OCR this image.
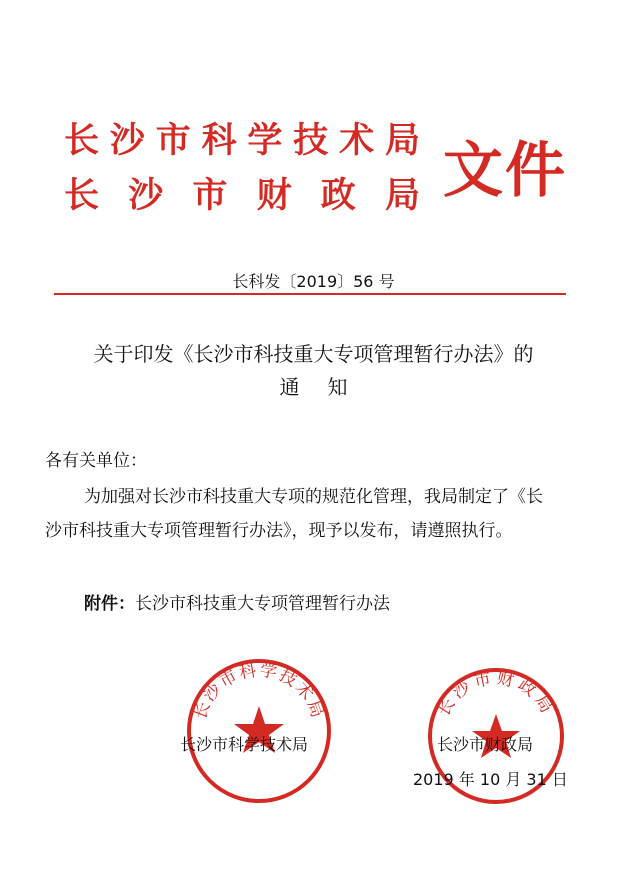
长沙市科学技术局
长沙市财政局 文件
长科发〔2019〕56 号
关于印发《长沙市科技重大专项管理暂行办法》的
通知
各有关单位：
为加强对长沙市科技重大专项的规范化管理，我局制定了《长
沙市科技重大专项管理暂行办法》，现予以发布，请遵照执行。
附件：长沙市科技重大专项管理暂行办法
长沙市科学技术局	长沙市财政局
长沙市科学技术局	长沙市财政局
2019 年 10 月 31 日
